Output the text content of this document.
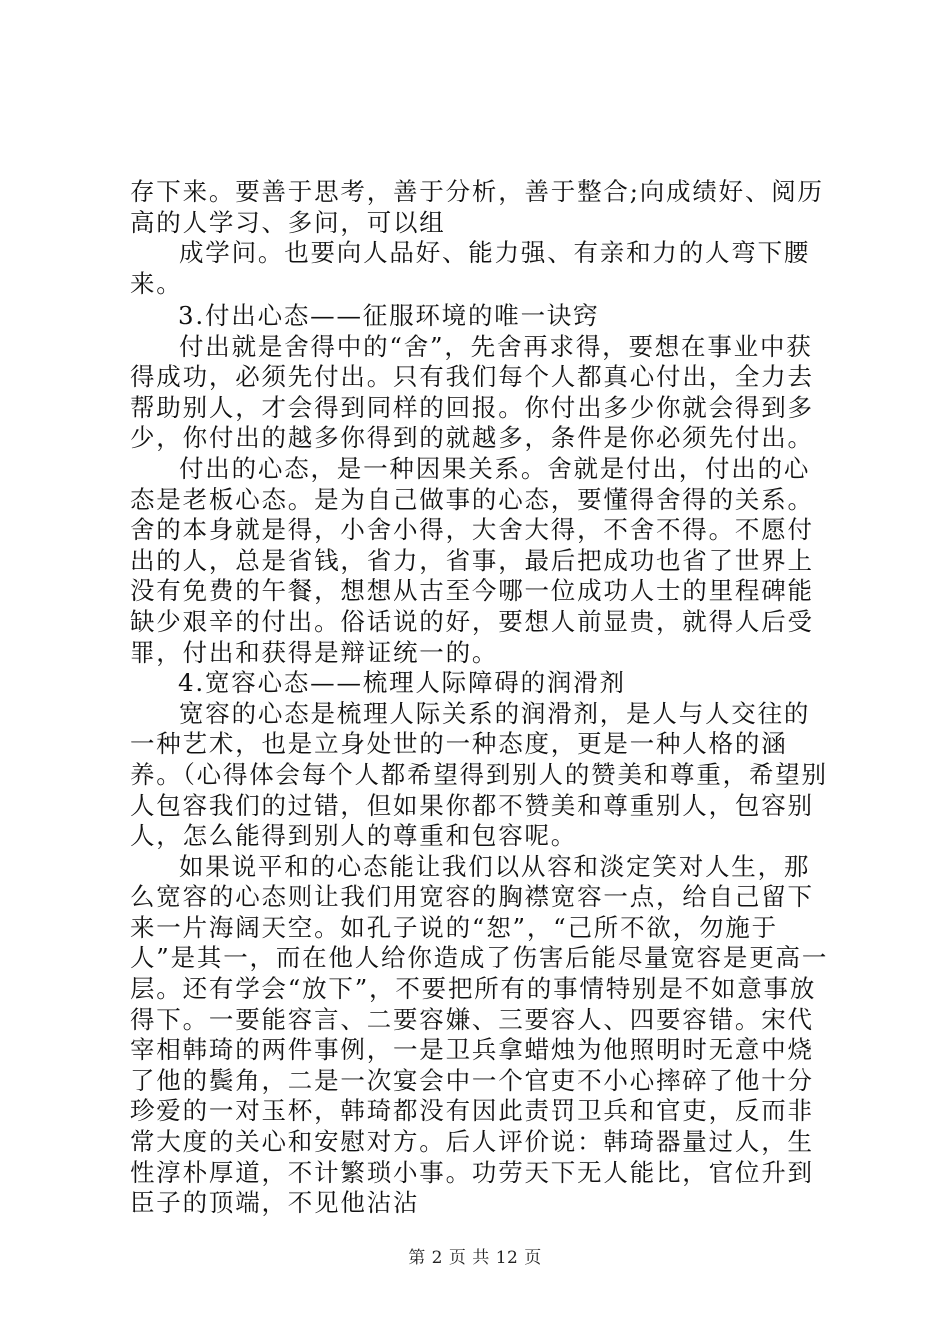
存下来。要善于思考，善于分析，善于整合;向成绩好、阅历高的人学习、多问，可以组

成学问。也要向人品好、能力强、有亲和力的人弯下腰来。

3.付出心态——征服环境的唯一诀窍

付出就是舍得中的“舍”，先舍再求得，要想在事业中获得成功，必须先付出。只有我们每个人都真心付出，全力去帮助别人，才会得到同样的回报。你付出多少你就会得到多少，你付出的越多你得到的就越多，条件是你必须先付出。

付出的心态，是一种因果关系。舍就是付出，付出的心态是老板心态。是为自己做事的心态，要懂得舍得的关系。舍的本身就是得，小舍小得，大舍大得，不舍不得。不愿付出的人，总是省钱，省力，省事，最后把成功也省了世界上没有免费的午餐，想想从古至今哪一位成功人士的里程碑能缺少艰辛的付出。俗话说的好，要想人前显贵，就得人后受罪，付出和获得是辩证统一的。

4.宽容心态——梳理人际障碍的润滑剂

宽容的心态是梳理人际关系的润滑剂，是人与人交往的一种艺术，也是立身处世的一种态度，更是一种人格的涵养。（心得体会每个人都希望得到别人的赞美和尊重，希望别人包容我们的过错，但如果你都不赞美和尊重别人，包容别人，怎么能得到别人的尊重和包容呢。

如果说平和的心态能让我们以从容和淡定笑对人生，那么宽容的心态则让我们用宽容的胸襟宽容一点，给自己留下来一片海阔天空。如孔子说的“恕”，“己所不欲，勿施于人”是其一，而在他人给你造成了伤害后能尽量宽容是更高一层。还有学会“放下”，不要把所有的事情特别是不如意事放得下。一要能容言、二要容嫌、三要容人、四要容错。宋代宰相韩琦的两件事例，一是卫兵拿蜡烛为他照明时无意中烧了他的鬓角，二是一次宴会中一个官吏不小心摔碎了他十分珍爱的一对玉杯，韩琦都没有因此责罚卫兵和官吏，反而非常大度的关心和安慰对方。后人评价说：韩琦器量过人，生性淳朴厚道，不计繁琐小事。功劳天下无人能比，官位升到臣子的顶端，不见他沾沾

第 2 页 共 12 页
